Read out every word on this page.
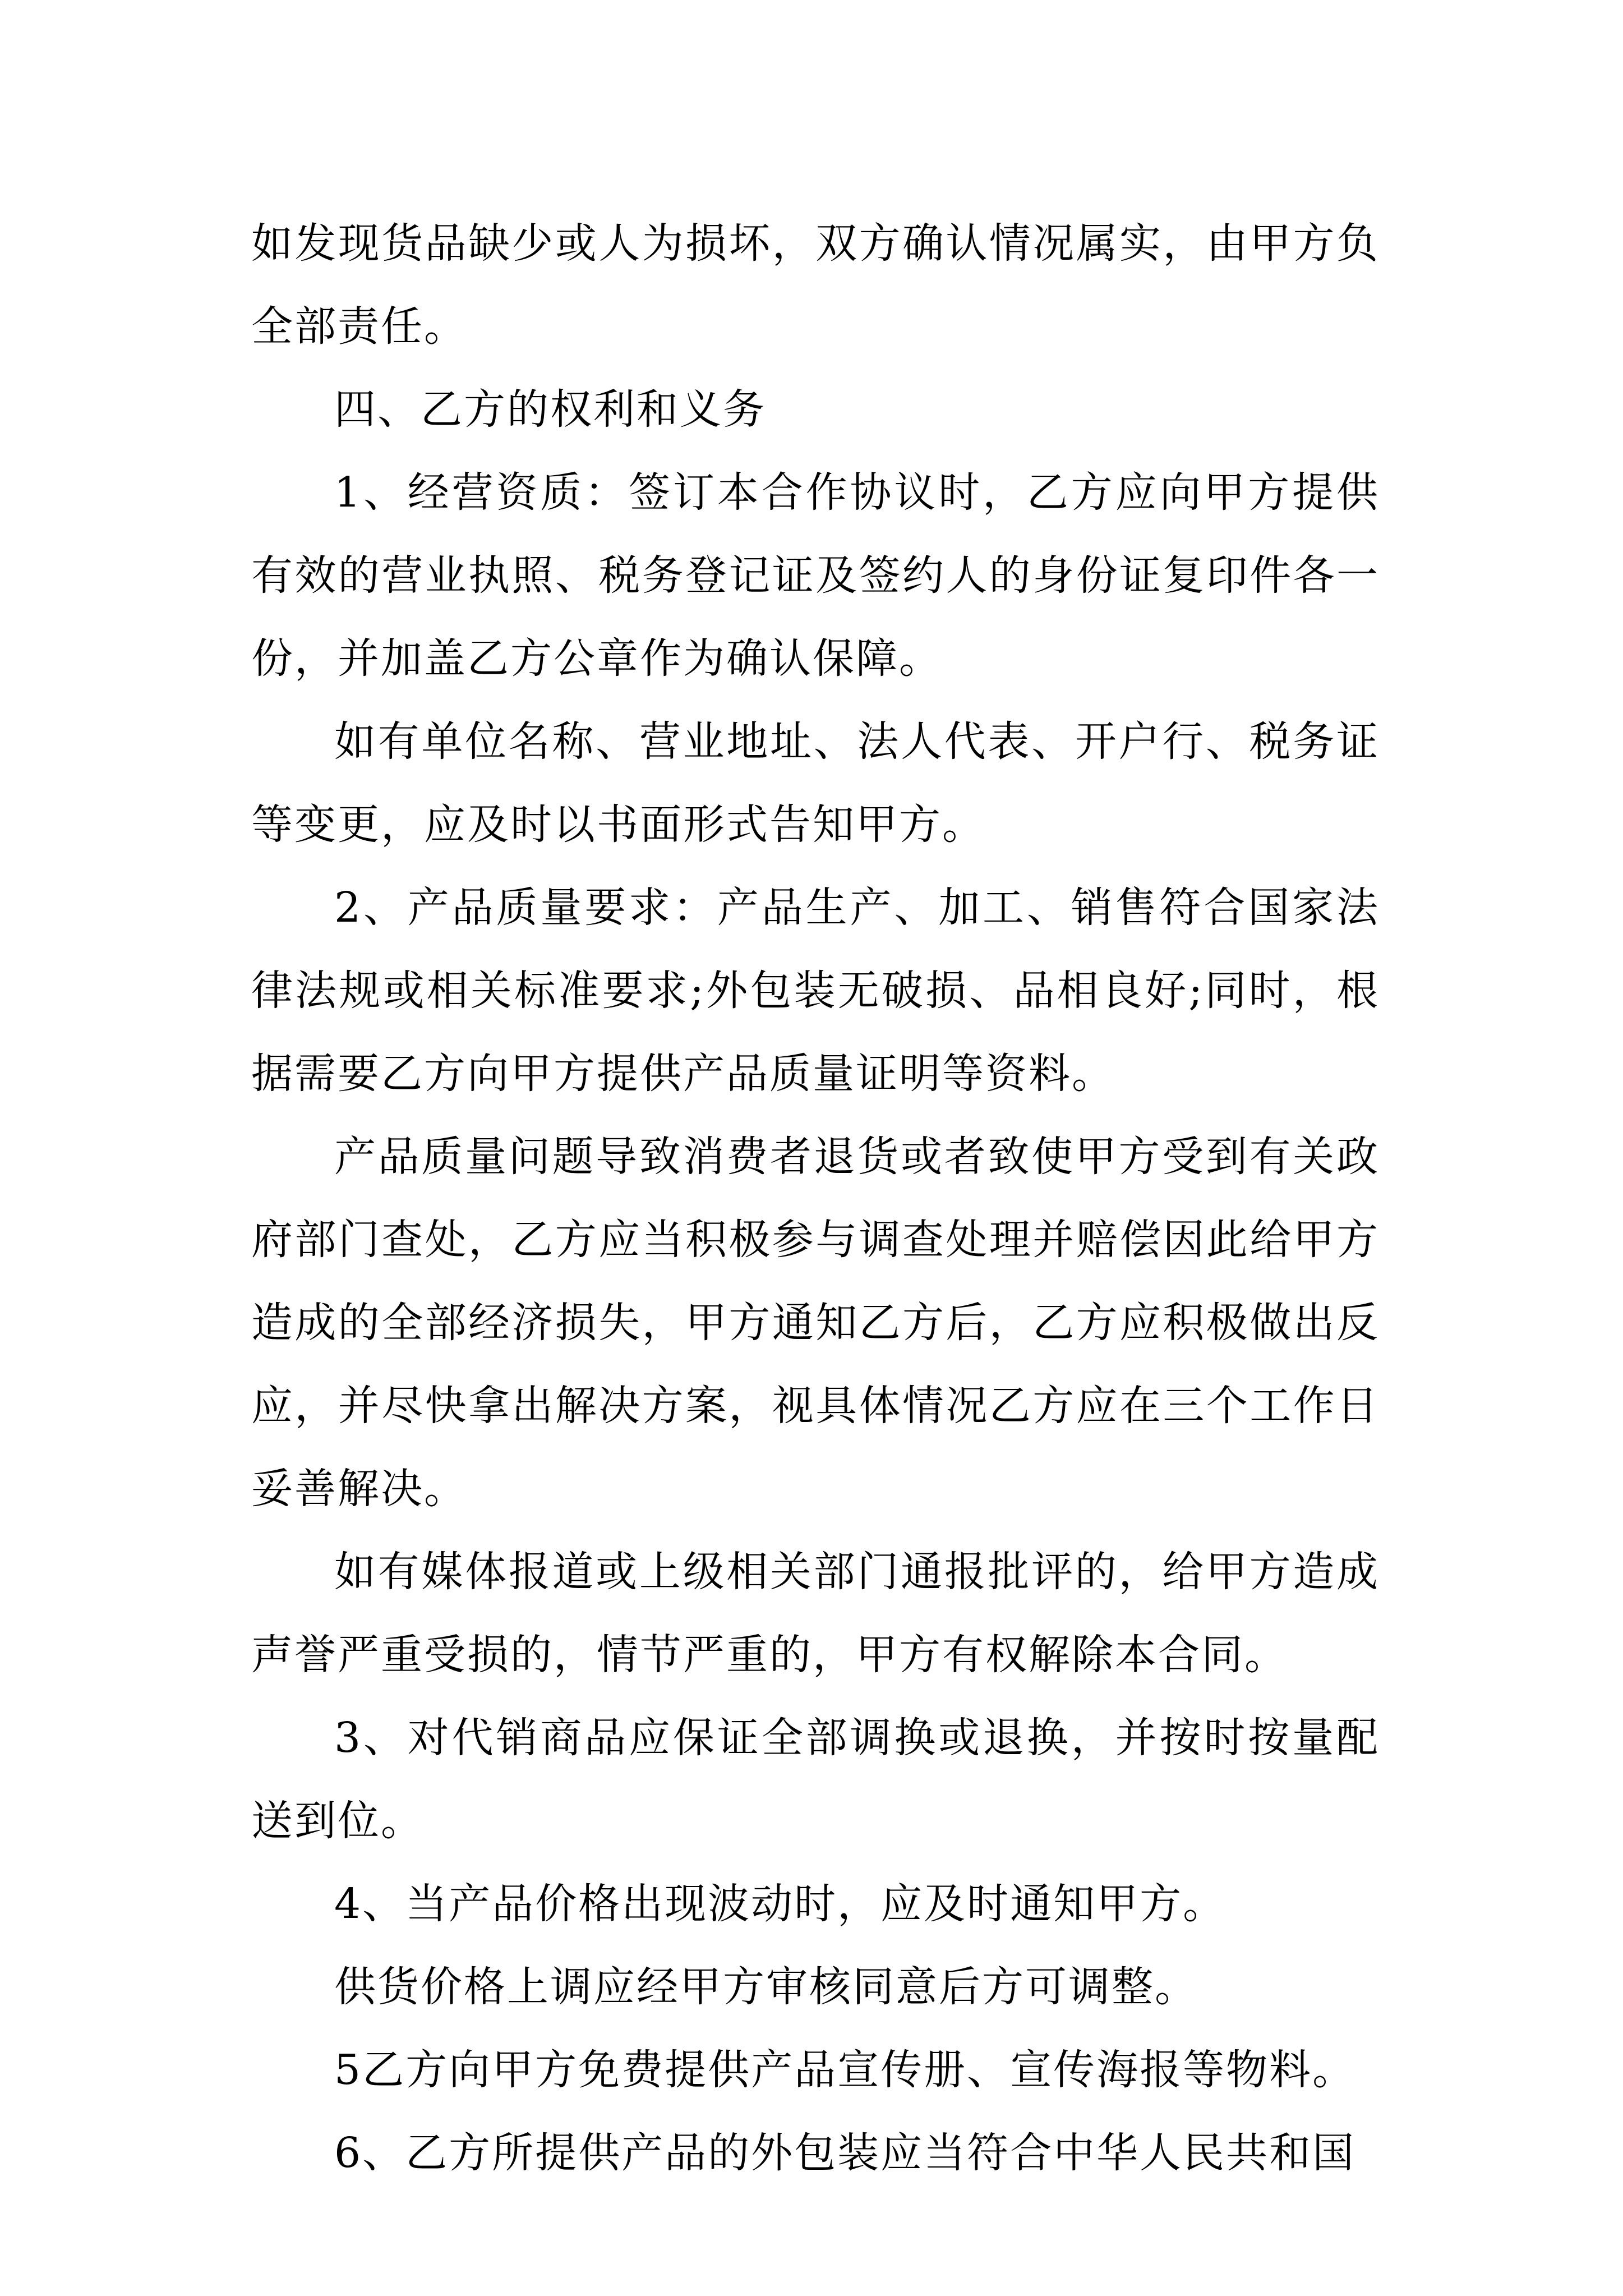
如发现货品缺少或人为损坏，双方确认情况属实，由甲方负全部责任。

四、乙方的权利和义务

1、经营资质：签订本合作协议时，乙方应向甲方提供有效的营业执照、税务登记证及签约人的身份证复印件各一份，并加盖乙方公章作为确认保障。

如有单位名称、营业地址、法人代表、开户行、税务证等变更，应及时以书面形式告知甲方。

2、产品质量要求：产品生产、加工、销售符合国家法律法规或相关标准要求;外包装无破损、品相良好;同时，根据需要乙方向甲方提供产品质量证明等资料。

产品质量问题导致消费者退货或者致使甲方受到有关政府部门查处，乙方应当积极参与调查处理并赔偿因此给甲方造成的全部经济损失，甲方通知乙方后，乙方应积极做出反应，并尽快拿出解决方案，视具体情况乙方应在三个工作日妥善解决。

如有媒体报道或上级相关部门通报批评的，给甲方造成声誉严重受损的，情节严重的，甲方有权解除本合同。

3、对代销商品应保证全部调换或退换，并按时按量配送到位。

4、当产品价格出现波动时，应及时通知甲方。

供货价格上调应经甲方审核同意后方可调整。

5乙方向甲方免费提供产品宣传册、宣传海报等物料。

6、乙方所提供产品的外包装应当符合中华人民共和国
